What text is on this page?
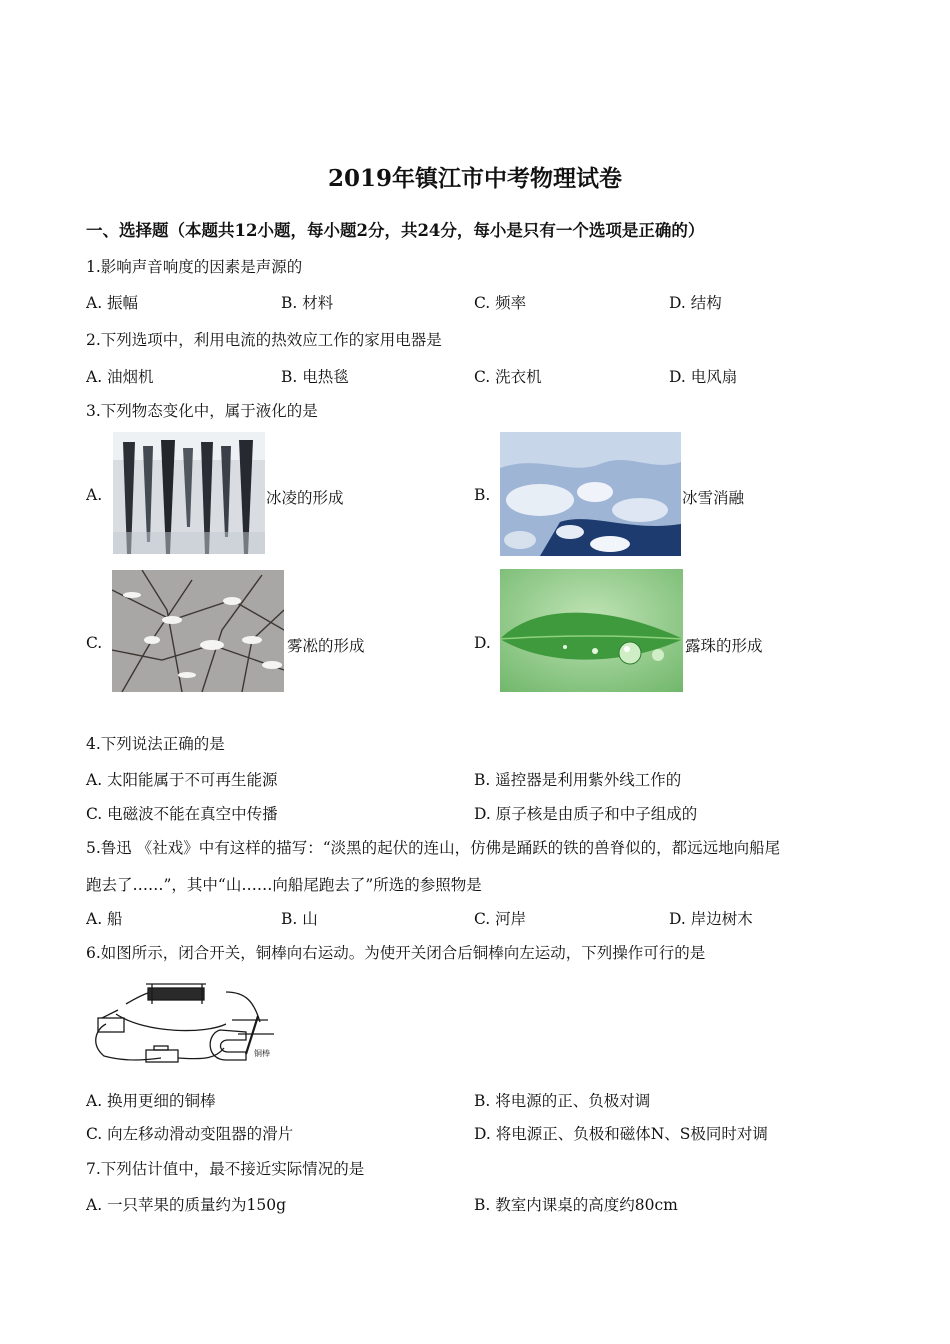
2019年镇江市中考物理试卷
一、选择题（本题共12小题，每小题2分，共24分，每小是只有一个选项是正确的）
1.影响声音响度的因素是声源的
A. 振幅	B. 材料	C. 频率	D. 结构
2.下列选项中，利用电流的热效应工作的家用电器是
A. 油烟机	B. 电热毯	C. 洗衣机	D. 电风扇
3.下列物态变化中，属于液化的是
A.	冰凌的形成	B.	冰雪消融
C.	雾凇的形成	D.	露珠的形成
4.下列说法正确的是
A. 太阳能属于不可再生能源	B. 遥控器是利用紫外线工作的
C. 电磁波不能在真空中传播	D. 原子核是由质子和中子组成的
5.鲁迅 《社戏》中有这样的描写：“淡黑的起伏的连山，仿佛是踊跃的铁的兽脊似的，都远远地向船尾
跑去了……”，其中“山……向船尾跑去了”所选的参照物是
A. 船	B. 山	C. 河岸	D. 岸边树木
6.如图所示，闭合开关，铜棒向右运动。为使开关闭合后铜棒向左运动，下列操作可行的是
铜棒
A. 换用更细的铜棒	B. 将电源的正、负极对调
C. 向左移动滑动变阻器的滑片	D. 将电源正、负极和磁体N、S极同时对调
7.下列估计值中，最不接近实际情况的是
A. 一只苹果的质量约为150g	B. 教室内课桌的高度约80cm
